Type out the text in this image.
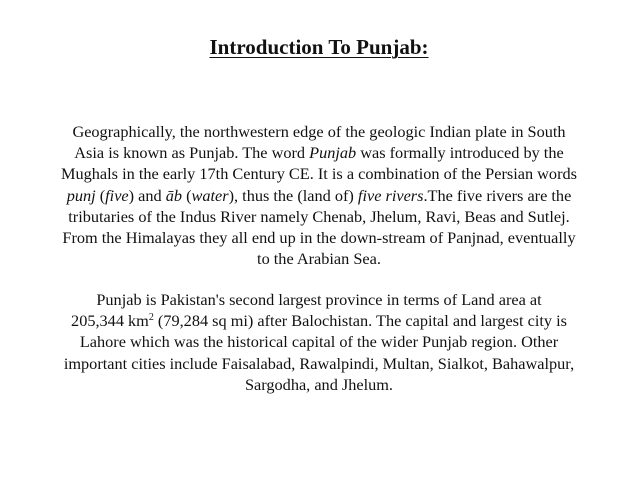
Introduction To Punjab:

Geographically, the northwestern edge of the geologic Indian plate in South
Asia is known as Punjab. The word Punjab was formally introduced by the
Mughals in the early 17th Century CE. It is a combination of the Persian words
punj (five) and āb (water), thus the (land of) five rivers.The five rivers are the
tributaries of the Indus River namely Chenab, Jhelum, Ravi, Beas and Sutlej.
From the Himalayas they all end up in the down-stream of Panjnad, eventually
to the Arabian Sea.

Punjab is Pakistan's second largest province in terms of Land area at
205,344 $km^2$ (79,284 sq mi) after Balochistan. The capital and largest city is
Lahore which was the historical capital of the wider Punjab region. Other
important cities include Faisalabad, Rawalpindi, Multan, Sialkot, Bahawalpur,
Sargodha, and Jhelum.
